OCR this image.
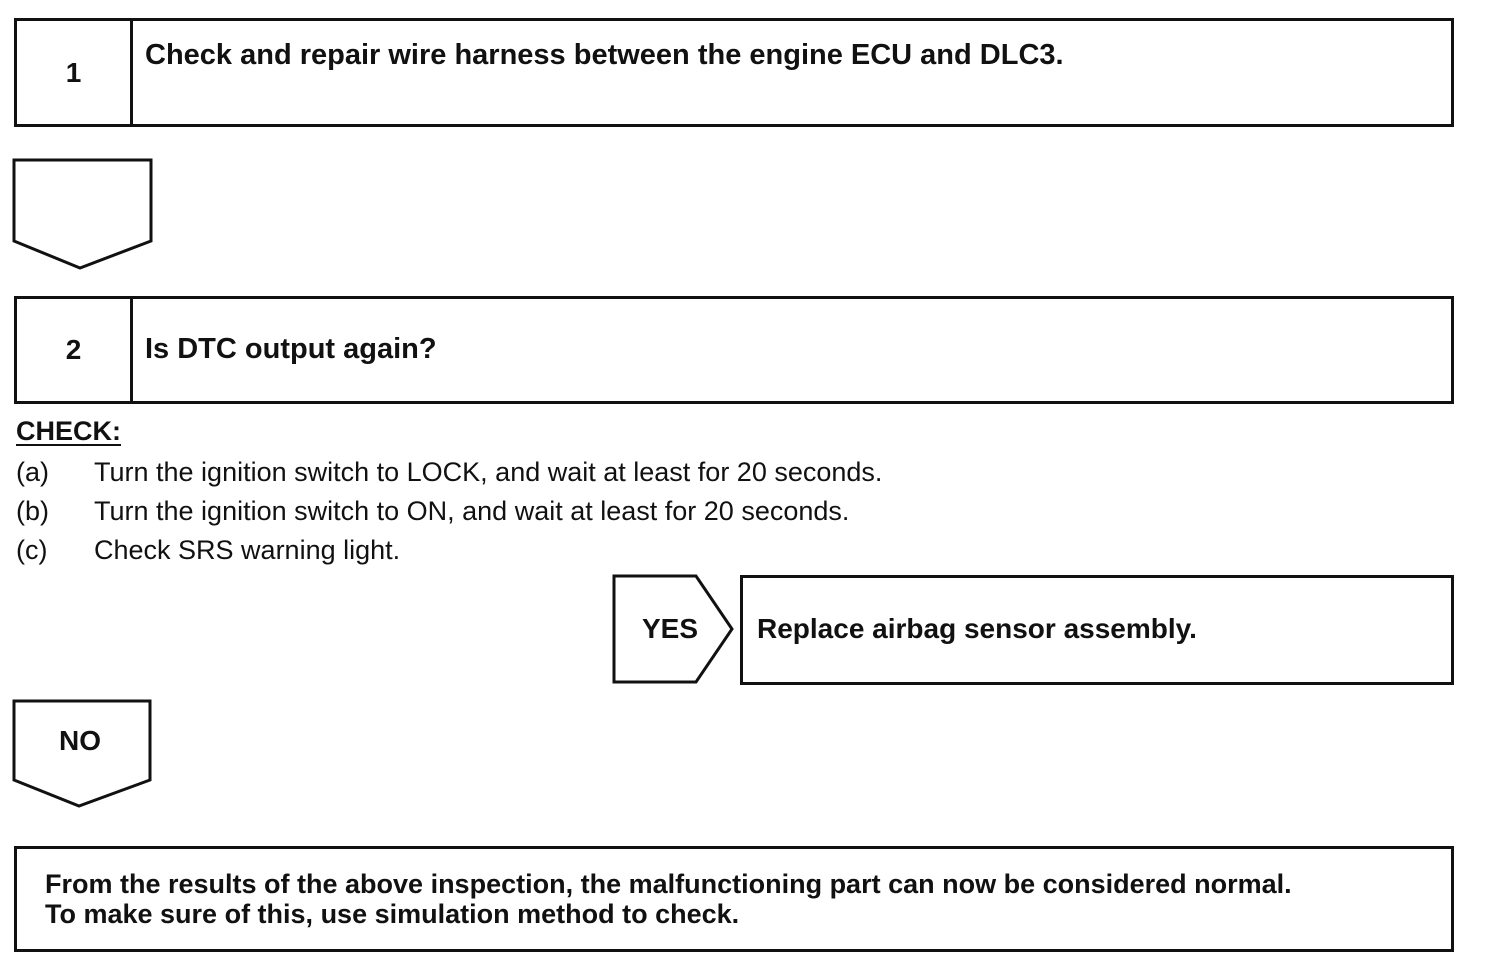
1
Check and repair wire harness between the engine ECU and DLC3.
2	Is DTC output again?
CHECK:
(a) Turn the ignition switch to LOCK, and wait at least for 20 seconds.
(b) Turn the ignition switch to ON, and wait at least for 20 seconds.
(c) Check SRS warning light.
YES	Replace airbag sensor assembly.
NO
From the results of the above inspection, the malfunctioning part can now be considered normal.
To make sure of this, use simulation method to check.
